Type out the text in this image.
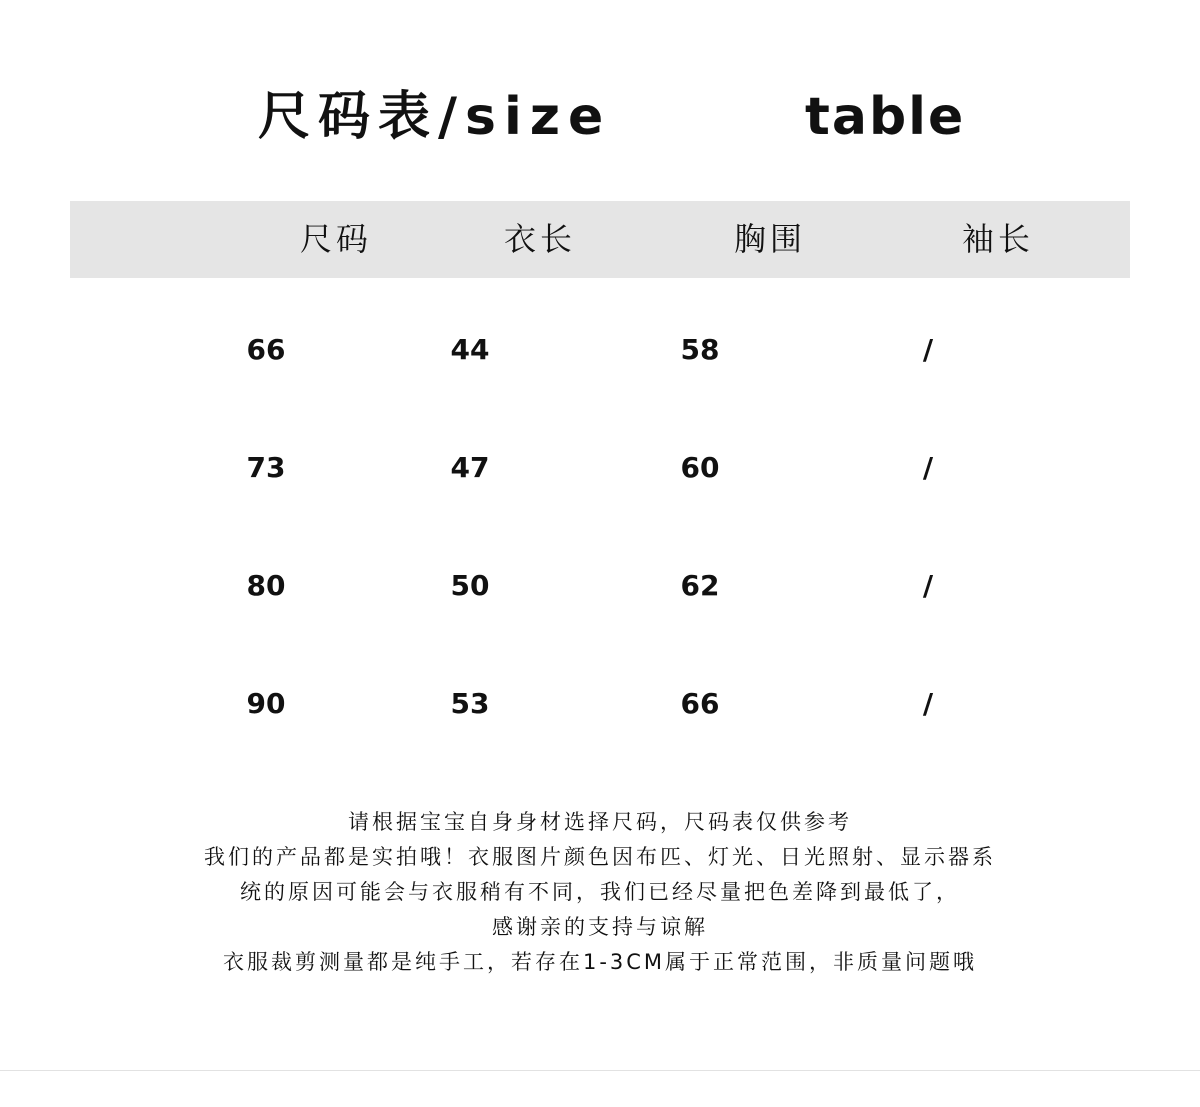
尺码表/size	table
尺码	衣长	胸围	袖长
66	44	58	/
73	47	60	/
80	50	62	/
90	53	66	/
请根据宝宝自身身材选择尺码，尺码表仅供参考
我们的产品都是实拍哦！衣服图片颜色因布匹、灯光、日光照射、显示器系
统的原因可能会与衣服稍有不同，我们已经尽量把色差降到最低了，
感谢亲的支持与谅解
衣服裁剪测量都是纯手工，若存在1-3CM属于正常范围，非质量问题哦
